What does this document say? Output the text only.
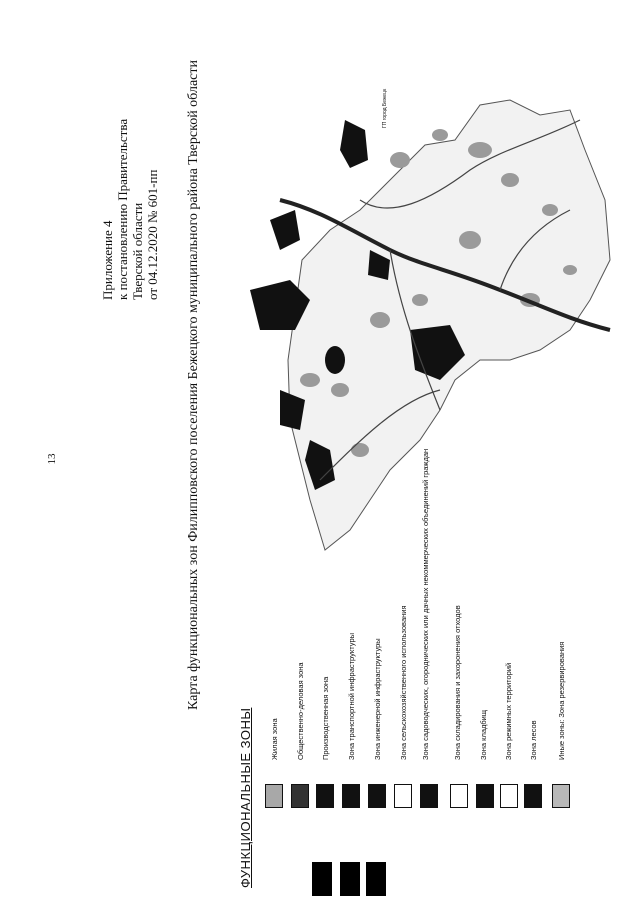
13
Приложение 4 к постановлению Правительства Тверской области от 04.12.2020 № 601-пп Карта функциональных зон Филипповского поселения Бежецкого муниципального района Тверской области	ГП город Бежецк
ФУНКЦИОНАЛЬНЫЕ ЗОНЫ Жилая зона Общественно-деловая зона Производственная зона Зона транспортной инфраструктуры Зона инженерной инфраструктуры Зона сельскохозяйственного использования Зона садоводческих, огороднических или дачных некоммерческих объединений граждан	Зона складирования и захоронения отходов Зона кладбищ Зона режимных территорий Зона лесов	Иные зоны: Зона резервирования
